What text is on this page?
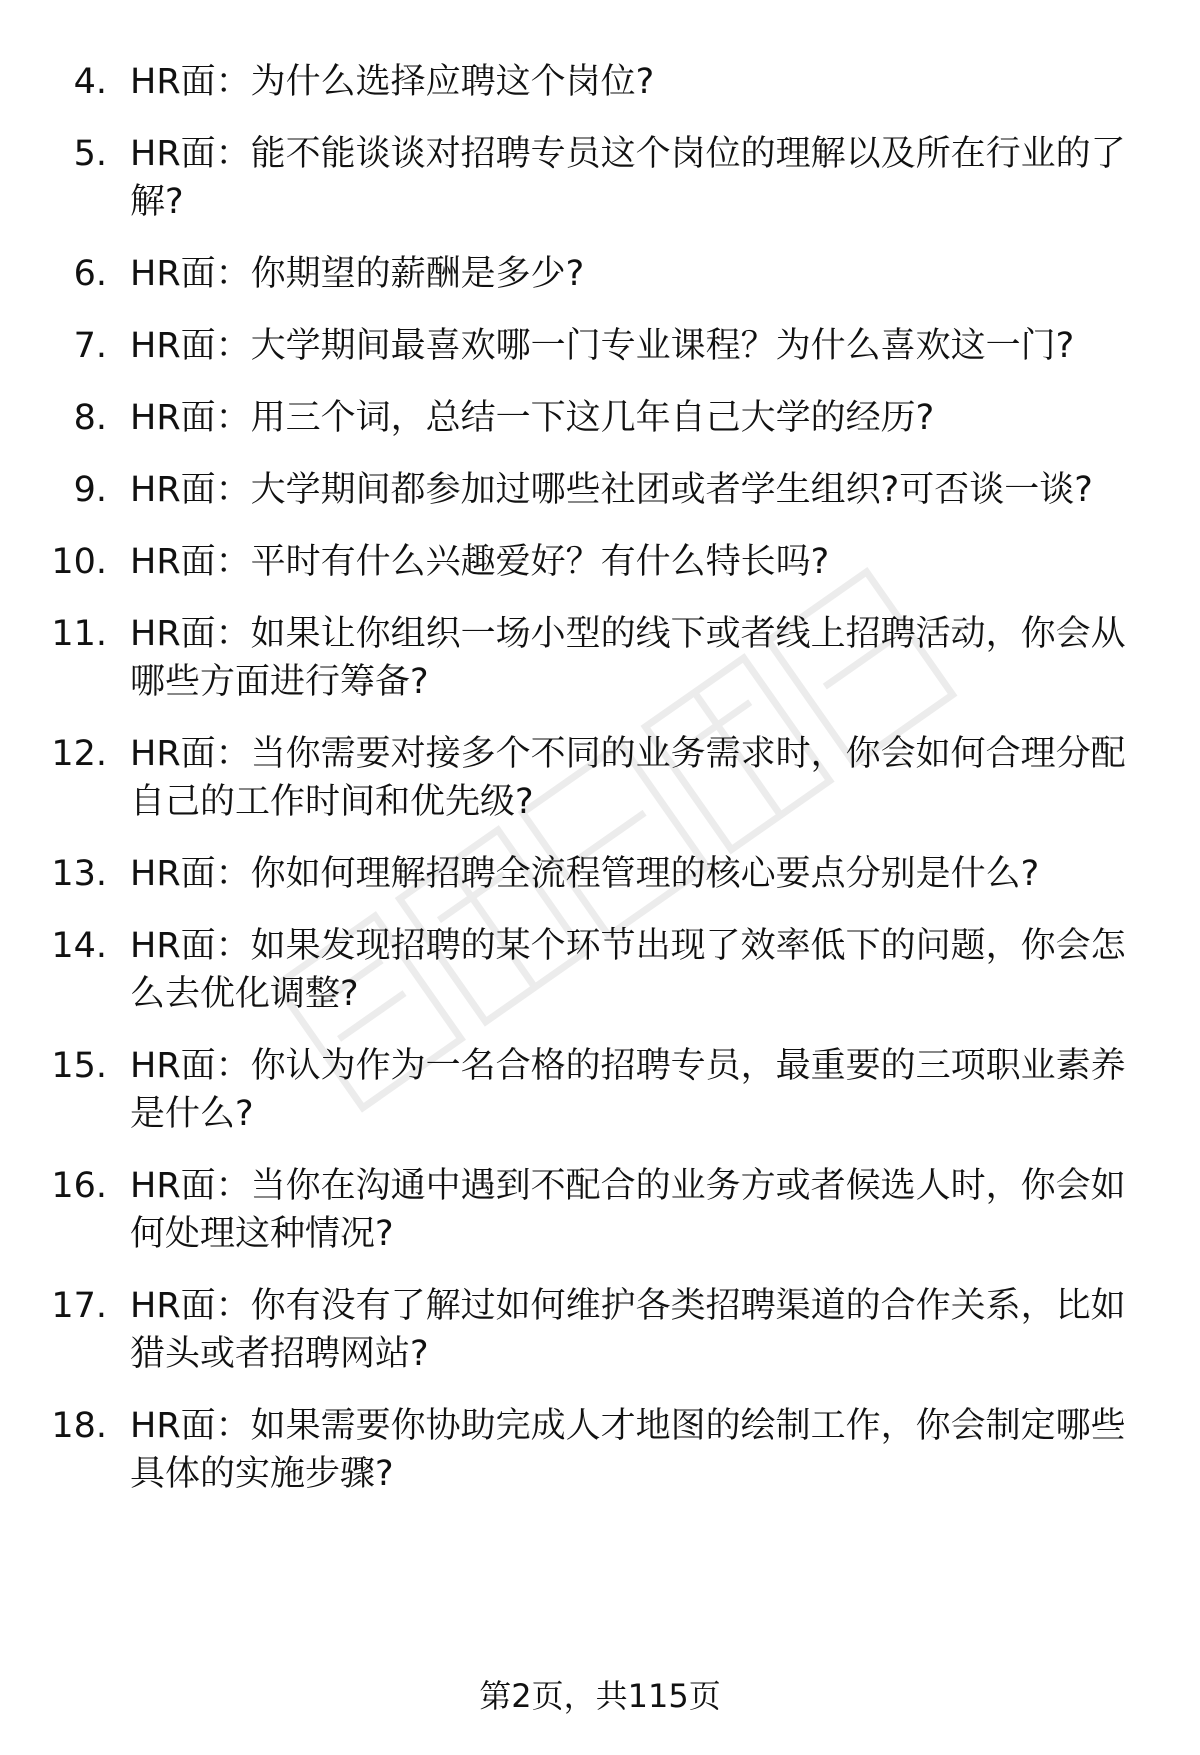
4. HR面：为什么选择应聘这个岗位?
5. HR面：能不能谈谈对招聘专员这个岗位的理解以及所在行业的了解?
6. HR面：你期望的薪酬是多少?
7. HR面：大学期间最喜欢哪一门专业课程？为什么喜欢这一门?
8. HR面：用三个词，总结一下这几年自己大学的经历?
9. HR面：大学期间都参加过哪些社团或者学生组织?可否谈一谈?
10. HR面：平时有什么兴趣爱好？有什么特长吗?
11. HR面：如果让你组织一场小型的线下或者线上招聘活动，你会从哪些方面进行筹备?
12. HR面：当你需要对接多个不同的业务需求时，你会如何合理分配自己的工作时间和优先级?
13. HR面：你如何理解招聘全流程管理的核心要点分别是什么?
14. HR面：如果发现招聘的某个环节出现了效率低下的问题，你会怎么去优化调整?
15. HR面：你认为作为一名合格的招聘专员，最重要的三项职业素养是什么?
16. HR面：当你在沟通中遇到不配合的业务方或者候选人时，你会如何处理这种情况?
17. HR面：你有没有了解过如何维护各类招聘渠道的合作关系，比如猎头或者招聘网站?
18. HR面：如果需要你协助完成人才地图的绘制工作，你会制定哪些具体的实施步骤?
第2页，共115页
